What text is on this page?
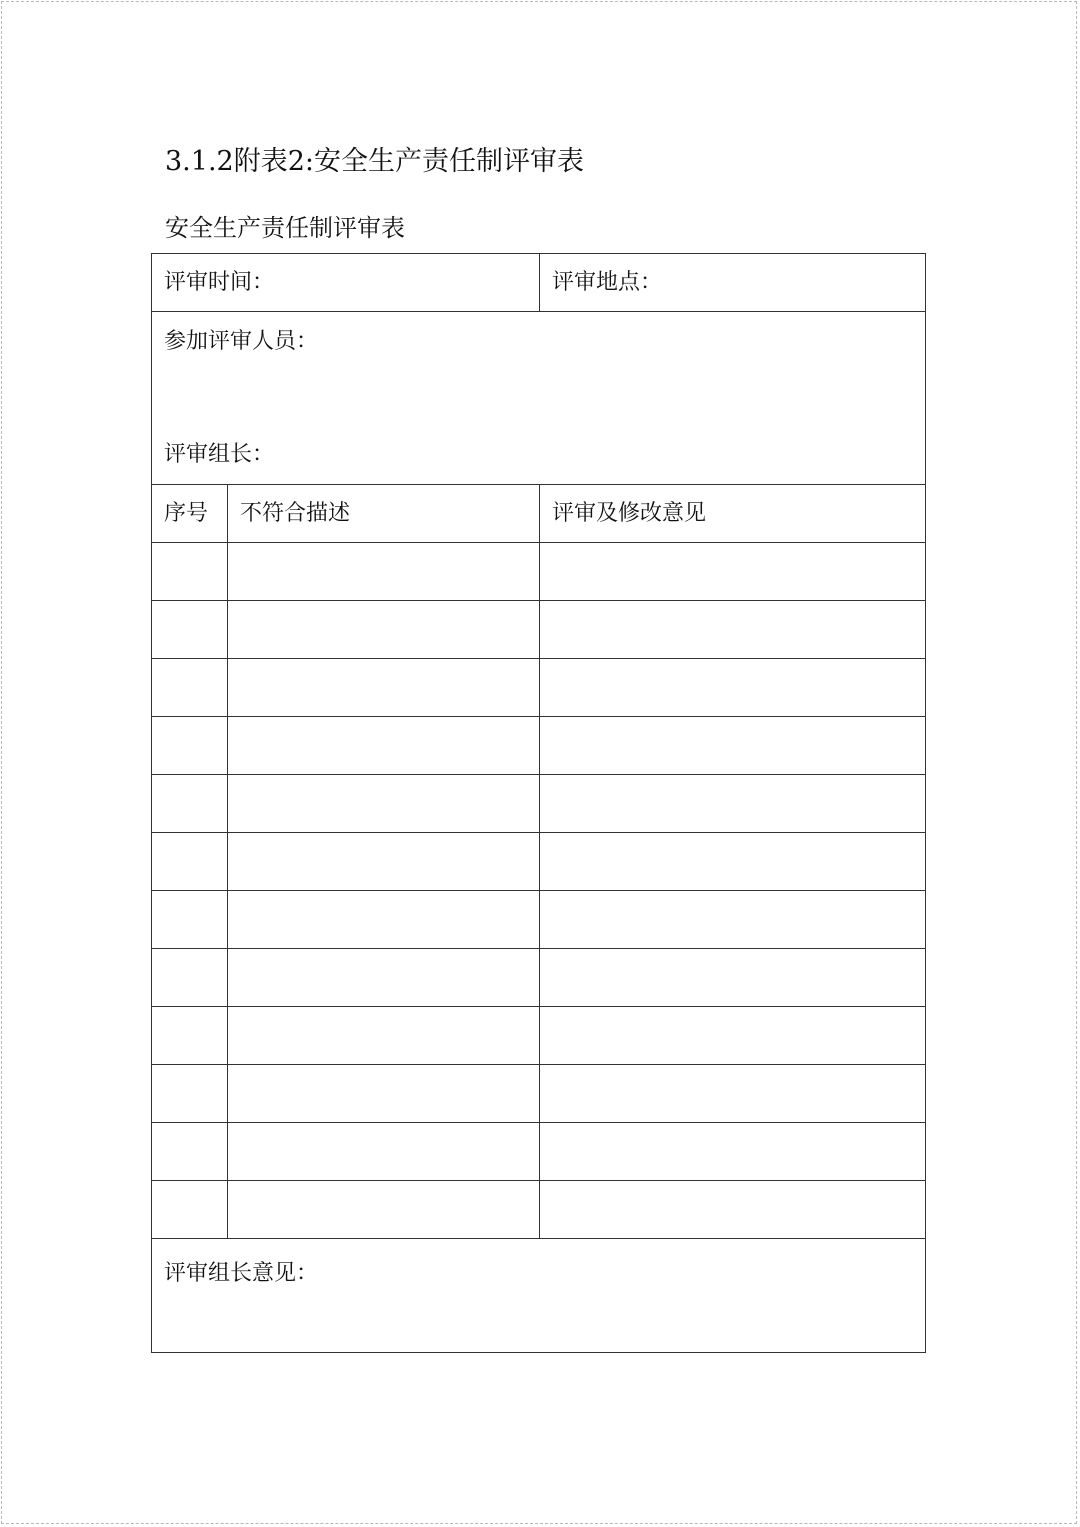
3.1.2附表2:安全生产责任制评审表
安全生产责任制评审表
评审时间：		评审地点：

参加评审人员：
评审组长：		

序号	不符合描述	评审及修改意见

评审组长意见：		
